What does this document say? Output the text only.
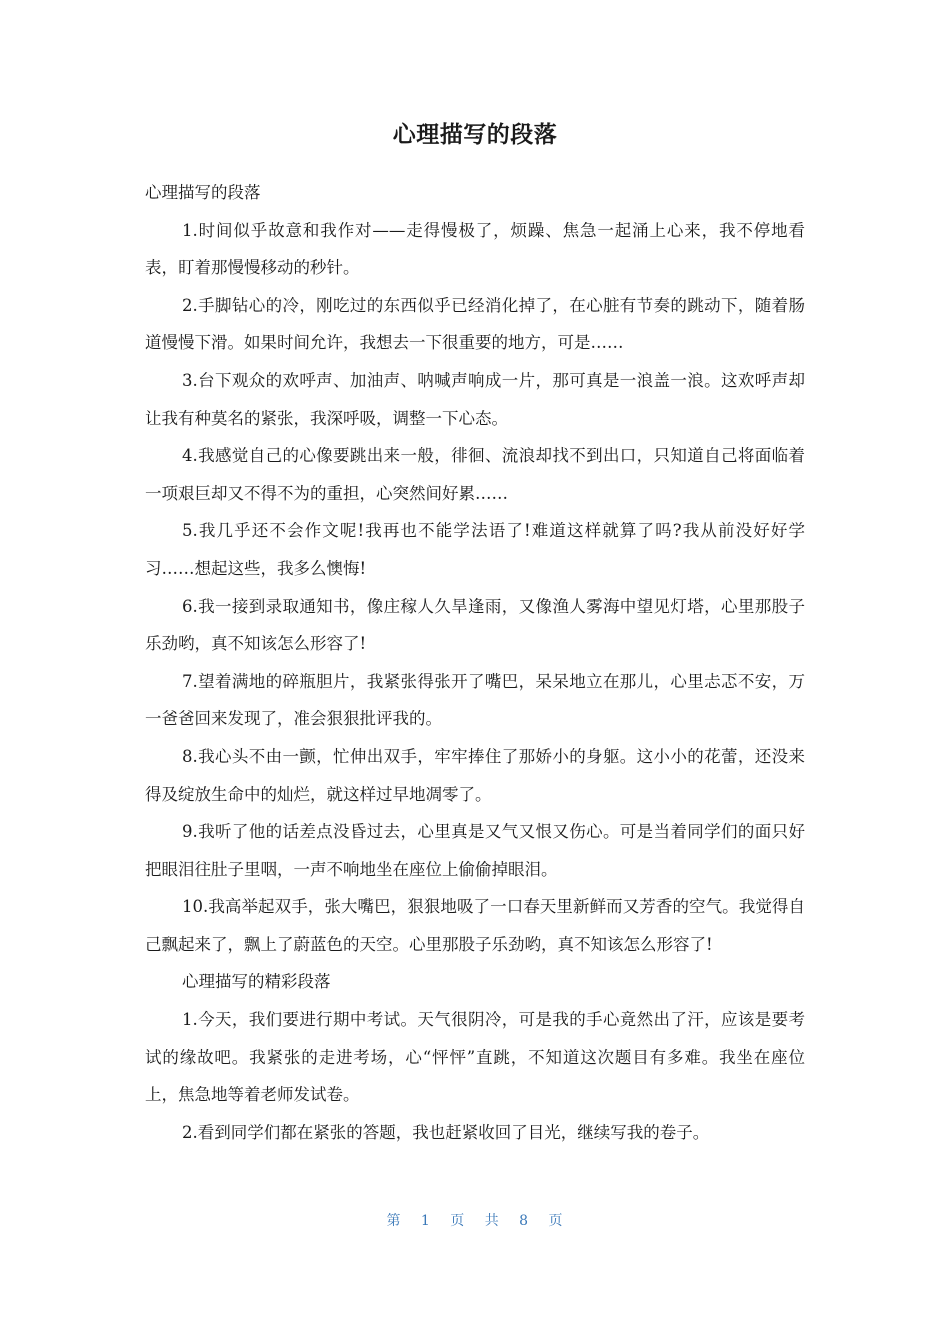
心理描写的段落

心理描写的段落

1.时间似乎故意和我作对——走得慢极了，烦躁、焦急一起涌上心来，我不停地看表，盯着那慢慢移动的秒针。

2.手脚钻心的冷，刚吃过的东西似乎已经消化掉了，在心脏有节奏的跳动下，随着肠道慢慢下滑。如果时间允许，我想去一下很重要的地方，可是……

3.台下观众的欢呼声、加油声、呐喊声响成一片，那可真是一浪盖一浪。这欢呼声却让我有种莫名的紧张，我深呼吸，调整一下心态。

4.我感觉自己的心像要跳出来一般，徘徊、流浪却找不到出口，只知道自己将面临着一项艰巨却又不得不为的重担，心突然间好累……

5.我几乎还不会作文呢!我再也不能学法语了!难道这样就算了吗?我从前没好好学习……想起这些，我多么懊悔!

6.我一接到录取通知书，像庄稼人久旱逢雨，又像渔人雾海中望见灯塔，心里那股子乐劲哟，真不知该怎么形容了!

7.望着满地的碎瓶胆片，我紧张得张开了嘴巴，呆呆地立在那儿，心里忐忑不安，万一爸爸回来发现了，准会狠狠批评我的。

8.我心头不由一颤，忙伸出双手，牢牢捧住了那娇小的身躯。这小小的花蕾，还没来得及绽放生命中的灿烂，就这样过早地凋零了。

9.我听了他的话差点没昏过去，心里真是又气又恨又伤心。可是当着同学们的面只好把眼泪往肚子里咽，一声不响地坐在座位上偷偷掉眼泪。

10.我高举起双手，张大嘴巴，狠狠地吸了一口春天里新鲜而又芳香的空气。我觉得自己飘起来了，飘上了蔚蓝色的天空。心里那股子乐劲哟，真不知该怎么形容了!

心理描写的精彩段落

1.今天，我们要进行期中考试。天气很阴冷，可是我的手心竟然出了汗，应该是要考试的缘故吧。我紧张的走进考场，心“怦怦”直跳，不知道这次题目有多难。我坐在座位上，焦急地等着老师发试卷。

2.看到同学们都在紧张的答题，我也赶紧收回了目光，继续写我的卷子。

第 1 页 共 8 页
